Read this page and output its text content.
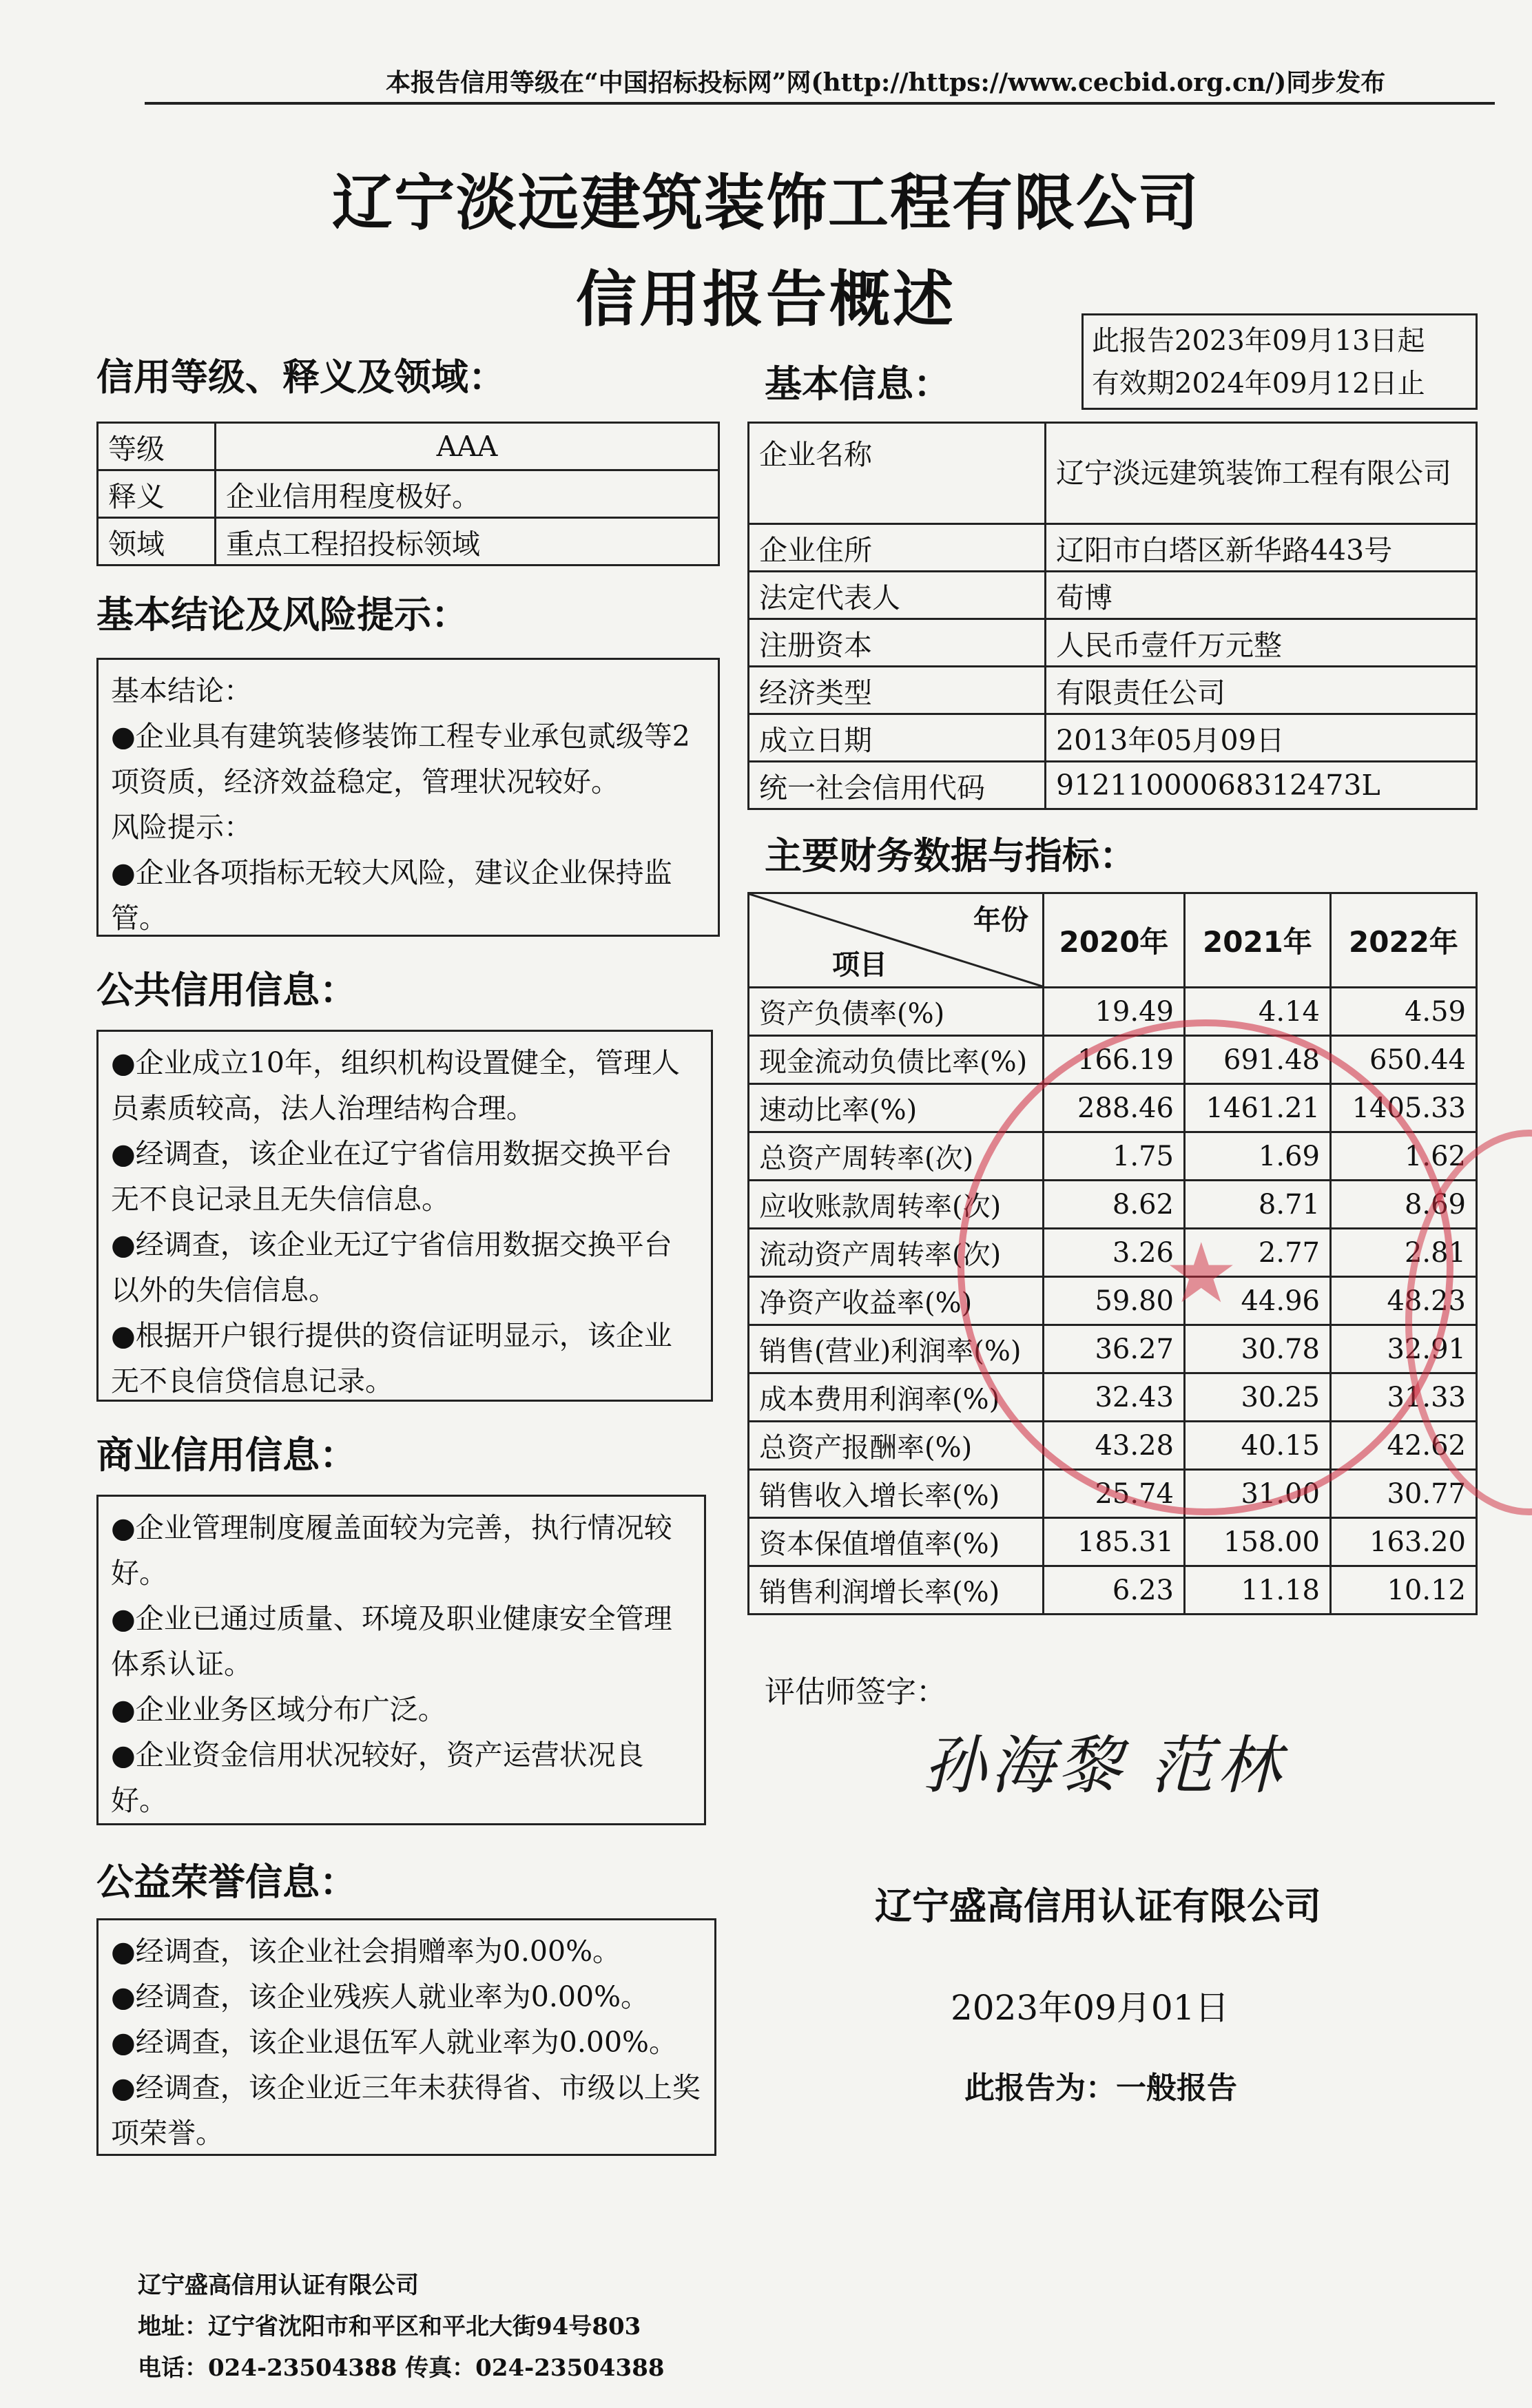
本报告信用等级在“中国招标投标网”网(http://https://www.cecbid.org.cn/)同步发布
辽宁淡远建筑装饰工程有限公司
信用报告概述
此报告2023年09月13日起
有效期2024年09月12日止
信用等级、释义及领域：
等级	AAA
释义	企业信用程度极好。
领域	重点工程招投标领域
基本结论及风险提示：

基本结论：

●企业具有建筑装修装饰工程专业承包贰级等2项资质，经济效益稳定，管理状况较好。

风险提示：

●企业各项指标无较大风险，建议企业保持监管。

公共信用信息：

●企业成立10年，组织机构设置健全，管理人员素质较高，法人治理结构合理。

●经调查，该企业在辽宁省信用数据交换平台无不良记录且无失信信息。

●经调查，该企业无辽宁省信用数据交换平台以外的失信信息。

●根据开户银行提供的资信证明显示，该企业无不良信贷信息记录。

商业信用信息：

●企业管理制度履盖面较为完善，执行情况较好。

●企业已通过质量、环境及职业健康安全管理体系认证。

●企业业务区域分布广泛。

●企业资金信用状况较好，资产运营状况良好。

公益荣誉信息：

●经调查，该企业社会捐赠率为0.00%。

●经调查，该企业残疾人就业率为0.00%。

●经调查，该企业退伍军人就业率为0.00%。

●经调查，该企业近三年未获得省、市级以上奖项荣誉。

基本信息：
企业名称	辽宁淡远建筑装饰工程有限公司
企业住所	辽阳市白塔区新华路443号
法定代表人	荀博
注册资本	人民币壹仟万元整
经济类型	有限责任公司
成立日期	2013年05月09日
统一社会信用代码	91211000068312473L
主要财务数据与指标：
年份
项目	2020年	2021年	2022年
资产负债率(%)	19.49	4.14	4.59
现金流动负债比率(%)	166.19	691.48	650.44
速动比率(%)	288.46	1461.21	1405.33
总资产周转率(次)	1.75	1.69	1.62
应收账款周转率(次)	8.62	8.71	8.69
流动资产周转率(次)	3.26	2.77	2.81
净资产收益率(%)	59.80	44.96	48.23
销售(营业)利润率(%)	36.27	30.78	32.91
成本费用利润率(%)	32.43	30.25	31.33
总资产报酬率(%)	43.28	40.15	42.62
销售收入增长率(%)	25.74	31.00	30.77
资本保值增值率(%)	185.31	158.00	163.20
销售利润增长率(%)	6.23	11.18	10.12
★
评估师签字：
孙海黎 范林
辽宁盛高信用认证有限公司
2023年09月01日
此报告为：一般报告
辽宁盛高信用认证有限公司
地址：辽宁省沈阳市和平区和平北大街94号803
电话：024-23504388 传真：024-23504388
